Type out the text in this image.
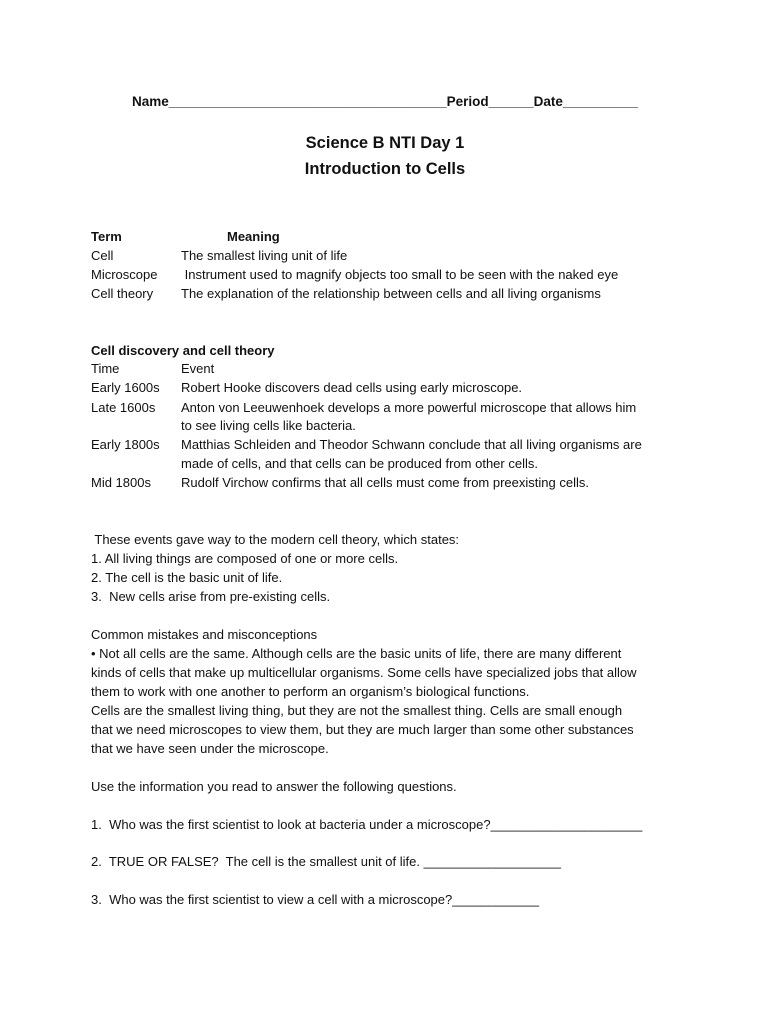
Name_____________________________________Period______Date__________
Science B NTI Day 1
Introduction to Cells
Term	Meaning
Cell	The smallest living unit of life
Microscope Instrument used to magnify objects too small to be seen with the naked eye
Cell theory The explanation of the relationship between cells and all living organisms
Cell discovery and cell theory
Time	Event
Early 1600s Robert Hooke discovers dead cells using early microscope.
Late 1600s Anton von Leeuwenhoek develops a more powerful microscope that allows him
to see living cells like bacteria.
Early 1800s Matthias Schleiden and Theodor Schwann conclude that all living organisms are
made of cells, and that cells can be produced from other cells.
Mid 1800s Rudolf Virchow confirms that all cells must come from preexisting cells.
These events gave way to the modern cell theory, which states:
1. All living things are composed of one or more cells.
2. The cell is the basic unit of life.
3.  New cells arise from pre-existing cells.
Common mistakes and misconceptions
• Not all cells are the same. Although cells are the basic units of life, there are many different
kinds of cells that make up multicellular organisms. Some cells have specialized jobs that allow
them to work with one another to perform an organism’s biological functions.
Cells are the smallest living thing, but they are not the smallest thing. Cells are small enough
that we need microscopes to view them, but they are much larger than some other substances
that we have seen under the microscope.
Use the information you read to answer the following questions.
1.  Who was the first scientist to look at bacteria under a microscope?_____________________
2.  TRUE OR FALSE?  The cell is the smallest unit of life. ___________________
3.  Who was the first scientist to view a cell with a microscope?____________
